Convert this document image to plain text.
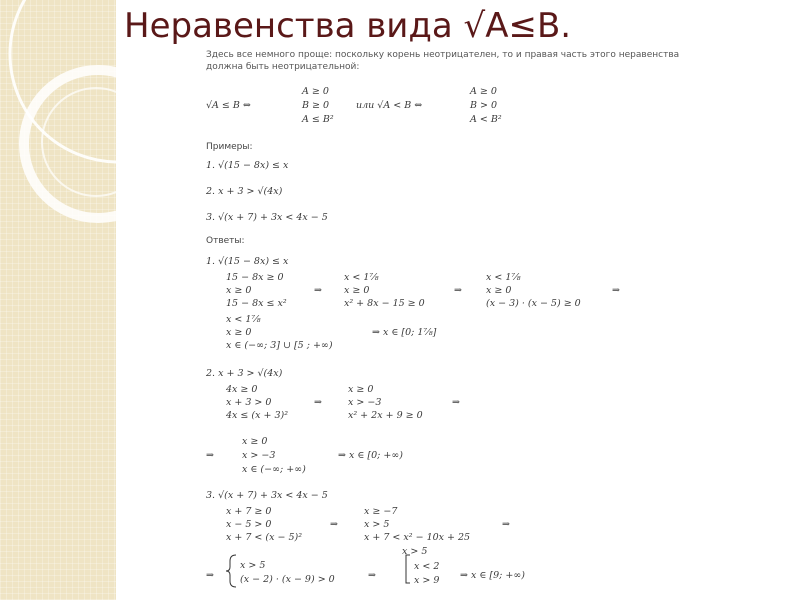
Неравенства вида √A≤B.
Здесь все немного проще: поскольку корень неотрицателен, то и правая часть этого неравенства
должна быть неотрицательной:
√A ≤ B ⇔
A ≥ 0
B ≥ 0
A ≤ B²
или √A < B ⇔
A ≥ 0
B > 0
A < B²
Примеры:
1. √(15 − 8x) ≤ x
2. x + 3 > √(4x)
3. √(x + 7) + 3x < 4x − 5
Ответы:
1. √(15 − 8x) ≤ x
15 − 8x ≥ 0
x ≥ 0
15 − 8x ≤ x²
⇒
x < 1⁷⁄₈
x ≥ 0
x² + 8x − 15 ≥ 0
⇒
x < 1⁷⁄₈
x ≥ 0
(x − 3) · (x − 5) ≥ 0
⇒
x < 1⁷⁄₈
x ≥ 0	⇒ x ∈ [0; 1⁷⁄₈]
x ∈ (−∞; 3] ∪ [5 ; +∞)
2. x + 3 > √(4x)
4x ≥ 0
x + 3 > 0
4x ≤ (x + 3)²
⇒
x ≥ 0
x > −3
x² + 2x + 9 ≥ 0
⇒
⇒
x ≥ 0
x > −3	⇒ x ∈ [0; +∞)
x ∈ (−∞; +∞)
3. √(x + 7) + 3x < 4x − 5
x + 7 ≥ 0
x − 5 > 0
x + 7 < (x − 5)²
⇒
x ≥ −7
x > 5
x + 7 < x² − 10x + 25
⇒
⇒
x > 5
(x − 2) · (x − 9) > 0	⇒
x > 5
x < 2
x > 9 ⇒ x ∈ [9; +∞)
